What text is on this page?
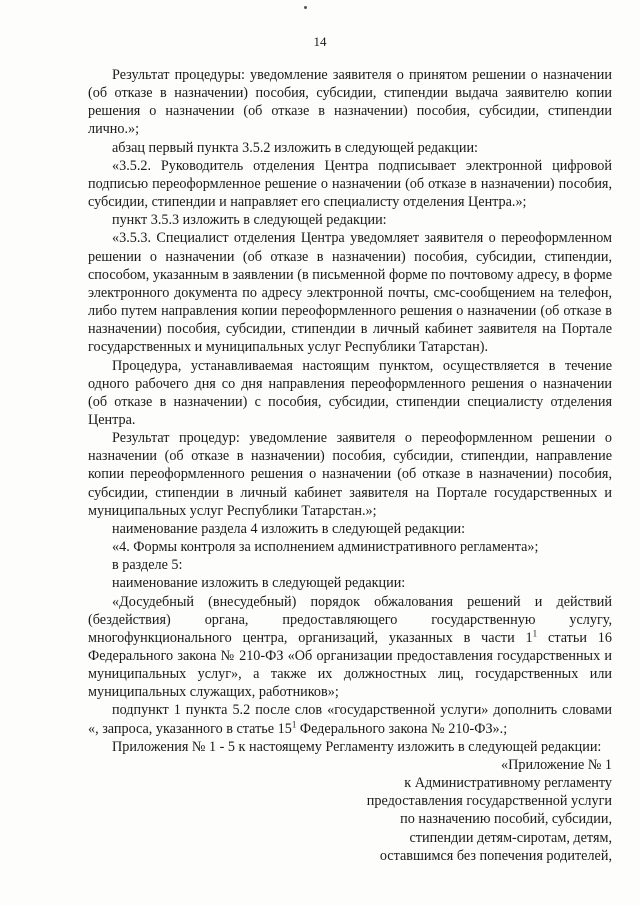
14

Результат процедуры: уведомление заявителя о принятом решении о назначении (об отказе в назначении) пособия, субсидии, стипендии выдача заявителю копии решения о назначении (об отказе в назначении) пособия, субсидии, стипендии лично.»;

абзац первый пункта 3.5.2 изложить в следующей редакции:

«3.5.2. Руководитель отделения Центра подписывает электронной цифровой подписью переоформленное решение о назначении (об отказе в назначении) пособия, субсидии, стипендии и направляет его специалисту отделения Центра.»;

пункт 3.5.3 изложить в следующей редакции:

«3.5.3. Специалист отделения Центра уведомляет заявителя о переоформленном решении о назначении (об отказе в назначении) пособия, субсидии, стипендии, способом, указанным в заявлении (в письменной форме по почтовому адресу, в форме электронного документа по адресу электронной почты, смс-сообщением на телефон, либо путем направления копии переоформленного решения о назначении (об отказе в назначении) пособия, субсидии, стипендии в личный кабинет заявителя на Портале государственных и муниципальных услуг Республики Татарстан).

Процедура, устанавливаемая настоящим пунктом, осуществляется в течение одного рабочего дня со дня направления переоформленного решения о назначении (об отказе в назначении) с пособия, субсидии, стипендии специалисту отделения Центра.

Результат процедур: уведомление заявителя о переоформленном решении о назначении (об отказе в назначении) пособия, субсидии, стипендии, направление копии переоформленного решения о назначении (об отказе в назначении) пособия, субсидии, стипендии в личный кабинет заявителя на Портале государственных и муниципальных услуг Республики Татарстан.»;

наименование раздела 4 изложить в следующей редакции:

«4. Формы контроля за исполнением административного регламента»;

в разделе 5:

наименование изложить в следующей редакции:

«Досудебный (внесудебный) порядок обжалования решений и действий (бездействия) органа, предоставляющего государственную услугу, многофункционального центра, организаций, указанных в части $1^1$ статьи 16 Федерального закона № 210-ФЗ «Об организации предоставления государственных и муниципальных услуг», а также их должностных лиц, государственных или муниципальных служащих, работников»;

подпункт 1 пункта 5.2 после слов «государственной услуги» дополнить словами «, запроса, указанного в статье $15^1$ Федерального закона № 210-ФЗ».;

Приложения № 1 - 5 к настоящему Регламенту изложить в следующей редакции:

«Приложение № 1
к Административному регламенту
предоставления государственной услуги
по назначению пособий, субсидии,
стипендии детям-сиротам, детям,
оставшимся без попечения родителей,
